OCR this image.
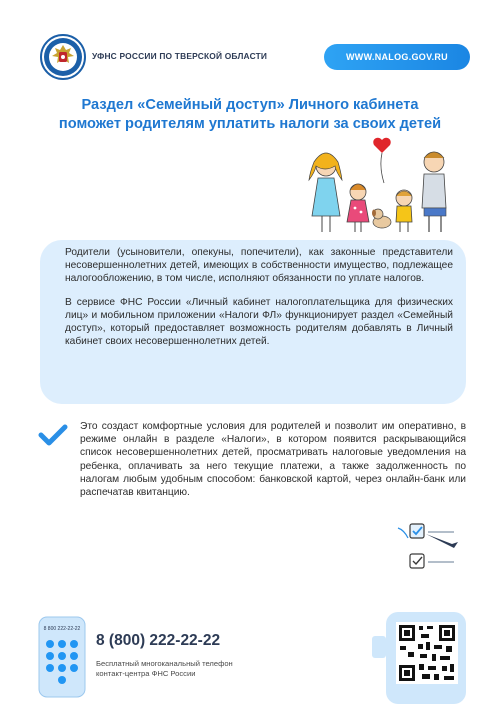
УФНС РОССИИ ПО ТВЕРСКОЙ ОБЛАСТИ	WWW.NALOG.GOV.RU
Раздел «Семейный доступ» Личного кабинета
поможет родителям уплатить налоги за своих детей

Родители (усыновители, опекуны, попечители), как законные представители несовершеннолетних детей, имеющих в собственности имущество, подлежащее налогообложению, в том числе, исполняют обязанности по уплате налогов.

В сервисе ФНС России «Личный кабинет налогоплательщика для физических лиц» и мобильном приложении «Налоги ФЛ» функционирует раздел «Семейный доступ», который предоставляет возможность родителям добавлять в Личный кабинет своих несовершеннолетних детей.

Это создаст комфортные условия для родителей и позволит им оперативно, в режиме онлайн в разделе «Налоги», в котором появится раскрывающийся список несовершеннолетних детей, просматривать налоговые уведомления на ребенка, оплачивать за него текущие платежи, а также задолженность по налогам любым удобным способом: банковской картой, через онлайн-банк или распечатав квитанцию.
8 800 222-22-22
8 (800) 222-22-22
Бесплатный многоканальный телефон
контакт-центра ФНС России
